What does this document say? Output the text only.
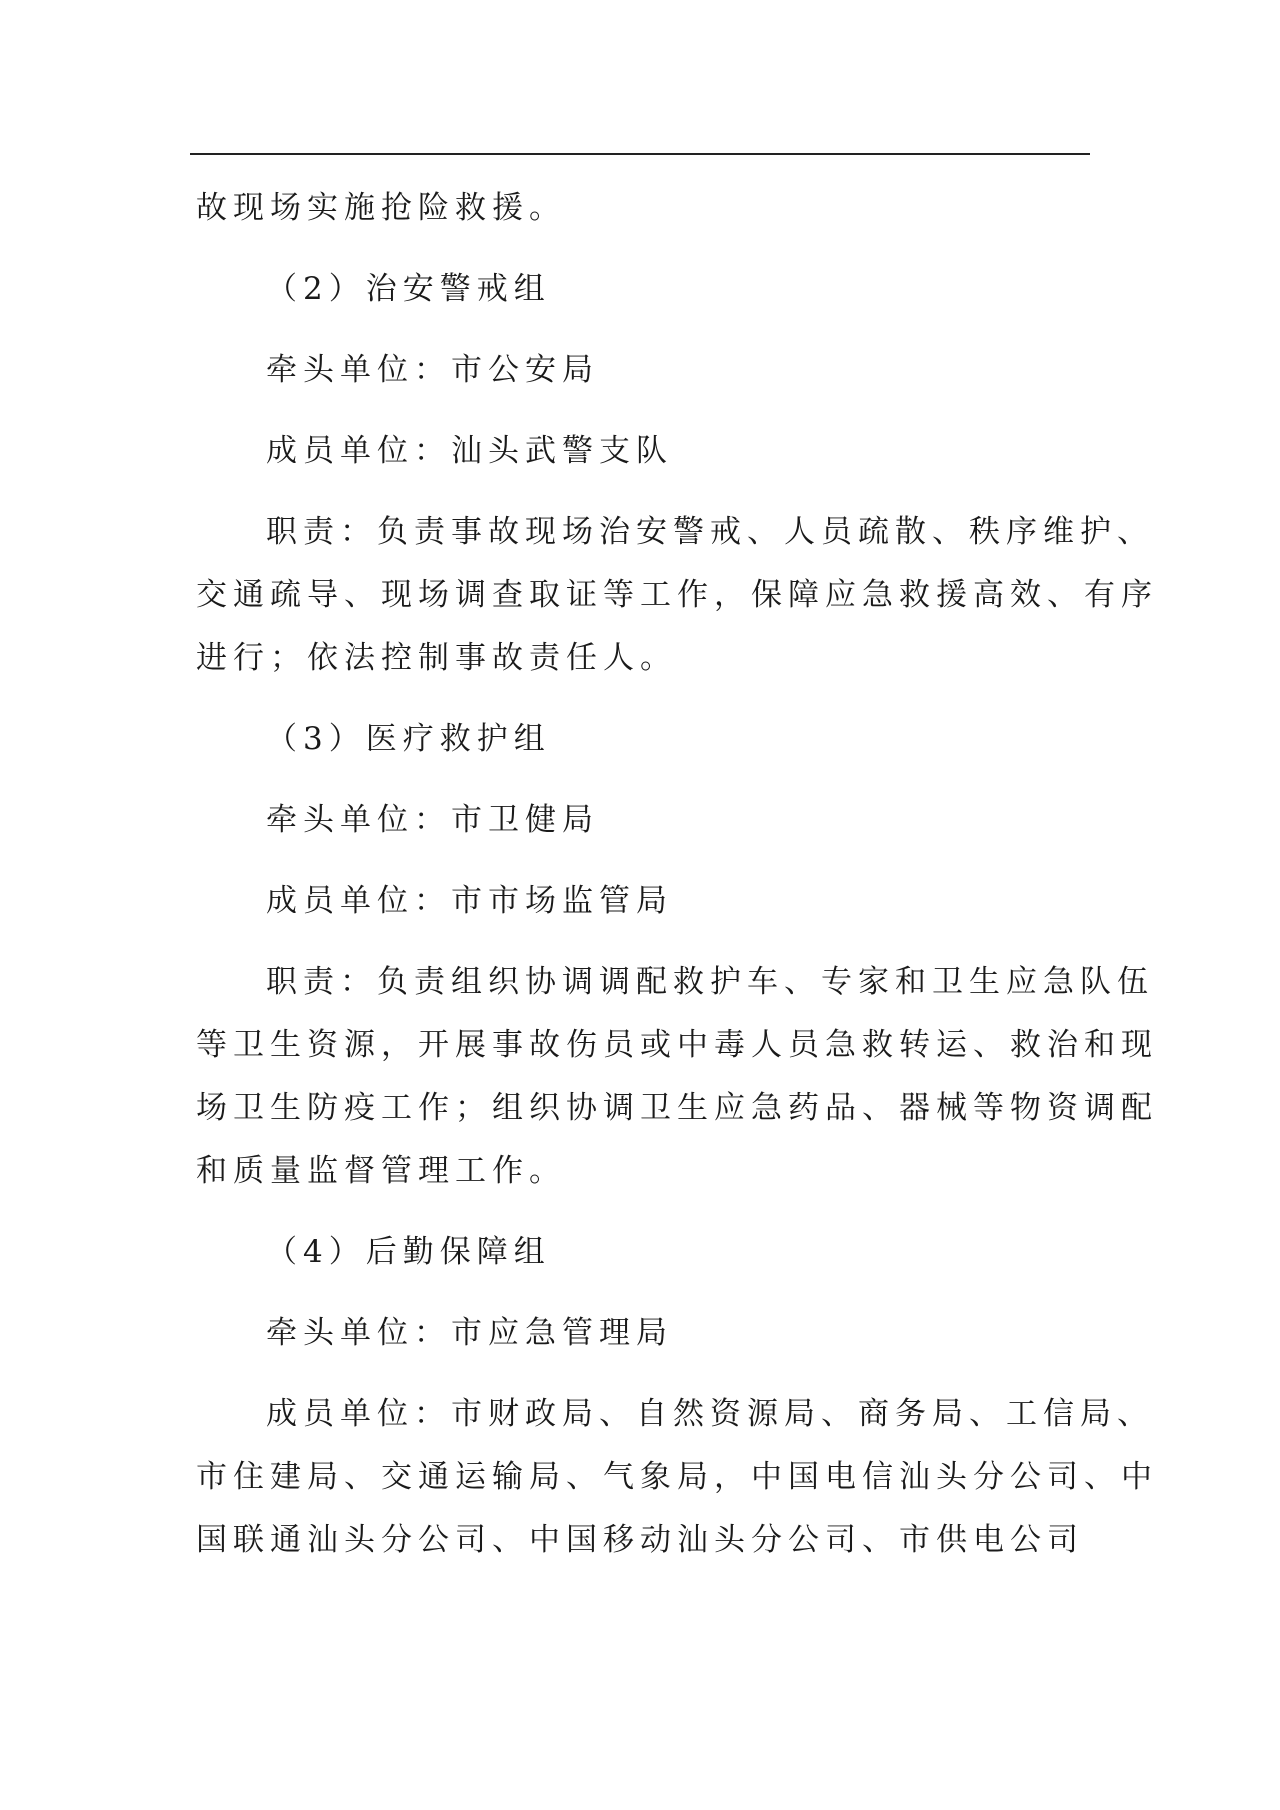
故现场实施抢险救援。
（2）治安警戒组
牵头单位：市公安局
成员单位：汕头武警支队
职责：负责事故现场治安警戒、人员疏散、秩序维护、
交通疏导、现场调查取证等工作，保障应急救援高效、有序
进行；依法控制事故责任人。
（3）医疗救护组
牵头单位：市卫健局
成员单位：市市场监管局
职责：负责组织协调调配救护车、专家和卫生应急队伍
等卫生资源，开展事故伤员或中毒人员急救转运、救治和现
场卫生防疫工作；组织协调卫生应急药品、器械等物资调配
和质量监督管理工作。
（4）后勤保障组
牵头单位：市应急管理局
成员单位：市财政局、自然资源局、商务局、工信局、
市住建局、交通运输局、气象局，中国电信汕头分公司、中
国联通汕头分公司、中国移动汕头分公司、市供电公司
